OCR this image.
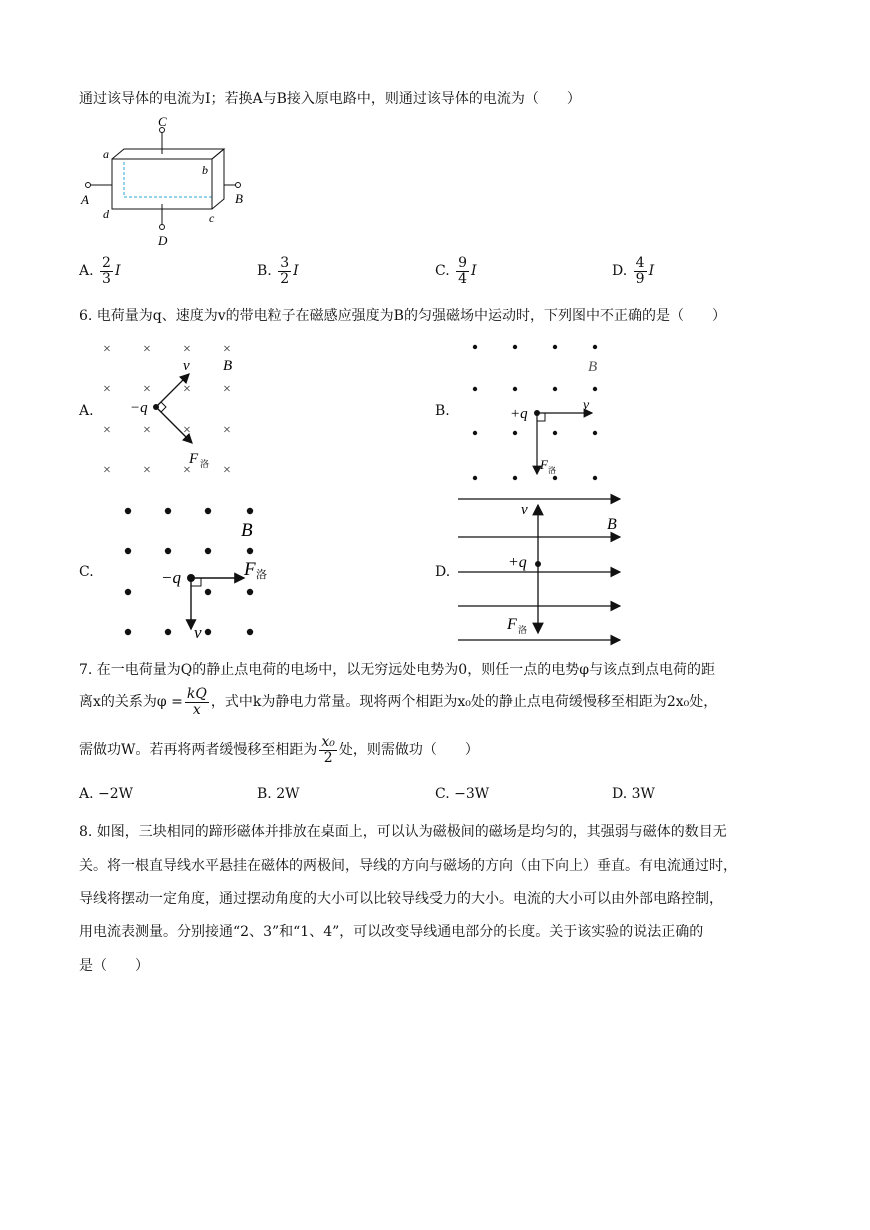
通过该导体的电流为I；若换A与B接入原电路中，则通过该导体的电流为（　　）
C
D
A	B
a
b
c
d
A. $\frac{2}{3}$ I	B. $\frac{3}{2}$ I	C. $\frac{9}{4}$ I	D. $\frac{4}{9}$ I
6. 电荷量为q、速度为v的带电粒子在磁感应强度为B的匀强磁场中运动时，下列图中不正确的是（　　）
A.	B.
C.	D.
× × × ×
× × × ×
× × × ×
× × × ×
−q
v B
F 洛
+q
v
B
F 洛
−q
v
B
F 洛
+q
v
B
F 洛
7. 在一电荷量为Q的静止点电荷的电场中，以无穷远处电势为0，则任一点的电势φ与该点到点电荷的距
离x的关系为$\varphi = \frac{kQ}{x}$ ，式中k为静电力常量。现将两个相距为x₀处的静止点电荷缓慢移至相距为2x₀处，
需做功W。若再将两者缓慢移至相距为 $\frac{\text{x₀}}{2}$ 处，则需做功（　　）
A. −2W	B. 2W	C. −3W	D. 3W
8. 如图，三块相同的蹄形磁体并排放在桌面上，可以认为磁极间的磁场是均匀的，其强弱与磁体的数目无
关。将一根直导线水平悬挂在磁体的两极间，导线的方向与磁场的方向（由下向上）垂直。有电流通过时，
导线将摆动一定角度，通过摆动角度的大小可以比较导线受力的大小。电流的大小可以由外部电路控制，
用电流表测量。分别接通“2、3”和“1、4”，可以改变导线通电部分的长度。关于该实验的说法正确的
是（　　）
